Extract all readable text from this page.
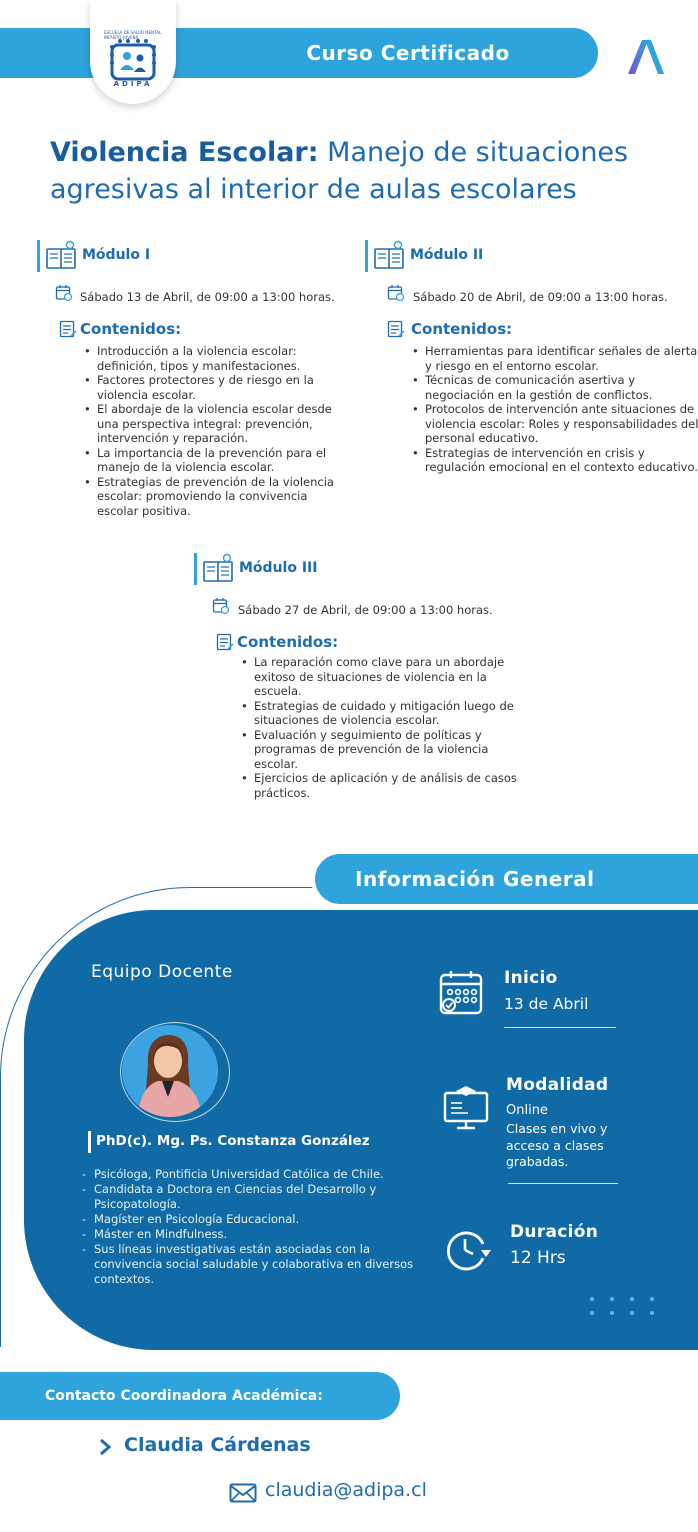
Curso Certificado
ESCUELA DE SALUD MENTAL INFANTO-JUVENIL
ADIPA
Violencia Escolar: Manejo de situaciones agresivas al interior de aulas escolares
Módulo I
Sábado 13 de Abril, de 09:00 a 13:00 horas.
Contenidos:
• Introducción a la violencia escolar: definición, tipos y manifestaciones.
• Factores protectores y de riesgo en la violencia escolar.
• El abordaje de la violencia escolar desde una perspectiva integral: prevención, intervención y reparación.
• La importancia de la prevención para el manejo de la violencia escolar.
• Estrategias de prevención de la violencia escolar: promoviendo la convivencia escolar positiva.
Módulo II
Sábado 20 de Abril, de 09:00 a 13:00 horas.
Contenidos:
• Herramientas para identificar señales de alerta y riesgo en el entorno escolar.
• Técnicas de comunicación asertiva y negociación en la gestión de conflictos.
• Protocolos de intervención ante situaciones de violencia escolar: Roles y responsabilidades del personal educativo.
• Estrategias de intervención en crisis y regulación emocional en el contexto educativo.
Módulo III
Sábado 27 de Abril, de 09:00 a 13:00 horas.
Contenidos:
• La reparación como clave para un abordaje exitoso de situaciones de violencia en la escuela.
• Estrategias de cuidado y mitigación luego de situaciones de violencia escolar.
• Evaluación y seguimiento de políticas y programas de prevención de la violencia escolar.
• Ejercicios de aplicación y de análisis de casos prácticos.
Información General
Equipo Docente
PhD(c). Mg. Ps. Constanza González
- Psicóloga, Pontificia Universidad Católica de Chile.
- Candidata a Doctora en Ciencias del Desarrollo y Psicopatología.
- Magíster en Psicología Educacional.
- Máster en Mindfulness.
- Sus líneas investigativas están asociadas con la convivencia social saludable y colaborativa en diversos contextos.
Inicio
13 de Abril
Modalidad
Online
Clases en vivo y acceso a clases grabadas.
Duración
12 Hrs
Contacto Coordinadora Académica:
Claudia Cárdenas
claudia@adipa.cl
